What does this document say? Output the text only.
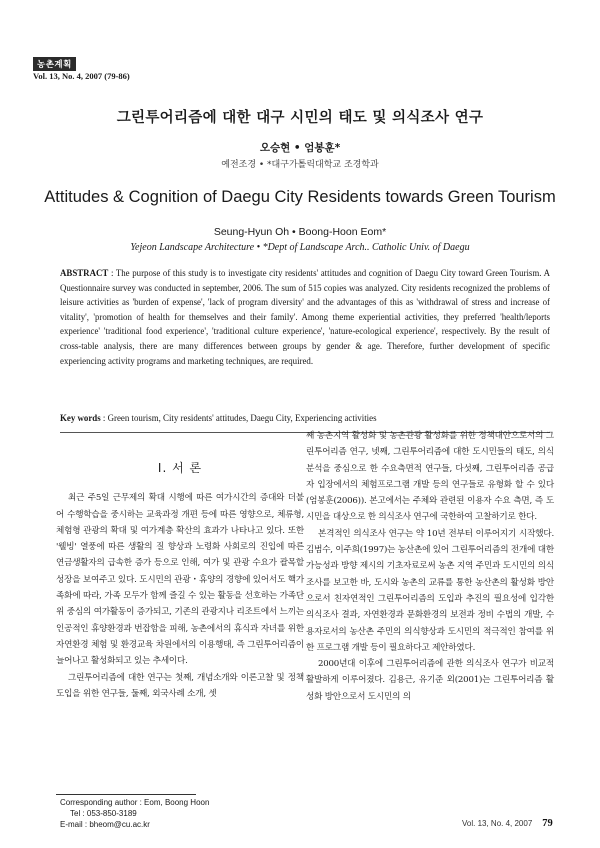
농촌계획
Vol. 13, No. 4, 2007 (79-86)
그린투어리즘에 대한 대구 시민의 태도 및 의식조사 연구
오승현 • 엄봉훈*
예전조경 • *대구가톨릭대학교 조경학과
Attitudes & Cognition of Daegu City Residents towards Green Tourism
Seung-Hyun Oh • Boong-Hoon Eom*
Yejeon Landscape Architecture • *Dept of Landscape Arch.. Catholic Univ. of Daegu
ABSTRACT : The purpose of this study is to investigate city residents' attitudes and cognition of Daegu City toward Green Tourism. A Questionnaire survey was conducted in september, 2006. The sum of 515 copies was analyzed. City residents recognized the problems of leisure activities as 'burden of expense', 'lack of program diversity' and the advantages of this as 'withdrawal of stress and increase of vitality', 'promotion of health for themselves and their family'. Among theme experiential activities, they preferred 'health/leports experience' 'traditional food experience', 'traditional culture experience', 'nature-ecological experience', respectively. By the result of cross-table analysis, there are many differences between groups by gender & age. Therefore, further development of specific experiencing activity programs and marketing techniques, are required.
Key words : Green tourism, City residents' attitudes, Daegu City, Experiencing activities
I. 서 론

최근 주5일 근무제의 확대 시행에 따른 여가시간의 증대와 더불어 수행학습을 중시하는 교육과정 개편 등에 따른 영향으로, 체류형, 체험형 관광의 확대 및 여가계층 확산의 효과가 나타나고 있다. 또한 '웰빙' 열풍에 따른 생활의 질 향상과 노령화 사회로의 진입에 따른 연금생활자의 급속한 증가 등으로 인해, 여가 및 관광 수요가 괄목할 성장을 보여주고 있다. 도시민의 관광・휴양의 경향에 있어서도 핵가족화에 따라, 가족 모두가 함께 즐길 수 있는 활동을 선호하는 가족단위 중심의 여가활동이 증가되고, 기존의 관광지나 리조트에서 느끼는 인공적인 휴양환경과 번잡함을 피해, 농촌에서의 휴식과 자녀를 위한 자연환경 체험 및 환경교육 차원에서의 이용행태, 즉 그린투어리즘이 늘어나고 활성화되고 있는 추세이다.

그린투어리즘에 대한 연구는 첫째, 개념소개와 이론고찰 및 정책도입을 위한 연구들, 둘째, 외국사례 소개, 셋

째 농촌지역 활성화 및 농촌관광 활성화를 위한 정책대안으로서의 그린투어리즘 연구, 넷째, 그린투어리즘에 대한 도시민들의 태도, 의식 분석을 중심으로 한 수요측면적 연구들, 다섯째, 그린투어리즘 공급자 입장에서의 체험프로그램 개발 등의 연구들로 유형화 할 수 있다(엄봉훈(2006)). 본고에서는 주체와 관련된 이용자 수요 측면, 즉 도시민을 대상으로 한 의식조사 연구에 국한하여 고찰하기로 한다.

본격적인 의식조사 연구는 약 10년 전부터 이루어지기 시작했다. 김범수, 이주희(1997)는 농산촌에 있어 그린투어리즘의 전개에 대한 가능성과 방향 제시의 기초자료로써 농촌 지역 주민과 도시민의 의식조사를 보고한 바, 도시와 농촌의 교류를 통한 농산촌의 활성화 방안으로서 친자연적인 그린투어리즘의 도입과 추진의 필요성에 입각한 의식조사 결과, 자연환경과 문화환경의 보전과 정비 수법의 개발, 수용자로서의 농산촌 주민의 의식향상과 도시민의 적극적인 참여를 위한 프로그램 개발 등이 필요하다고 제안하였다.

2000년대 이후에 그린투어리즘에 관한 의식조사 연구가 비교적 활발하게 이루어졌다. 김용근, 유기준 외(2001)는 그린투어리즘 활성화 방안으로서 도시민의 의

Corresponding author : Eom, Boong Hoon
Tel : 053-850-3189
E-mail : bheom@cu.ac.kr	Vol. 13, No. 4, 2007 79
